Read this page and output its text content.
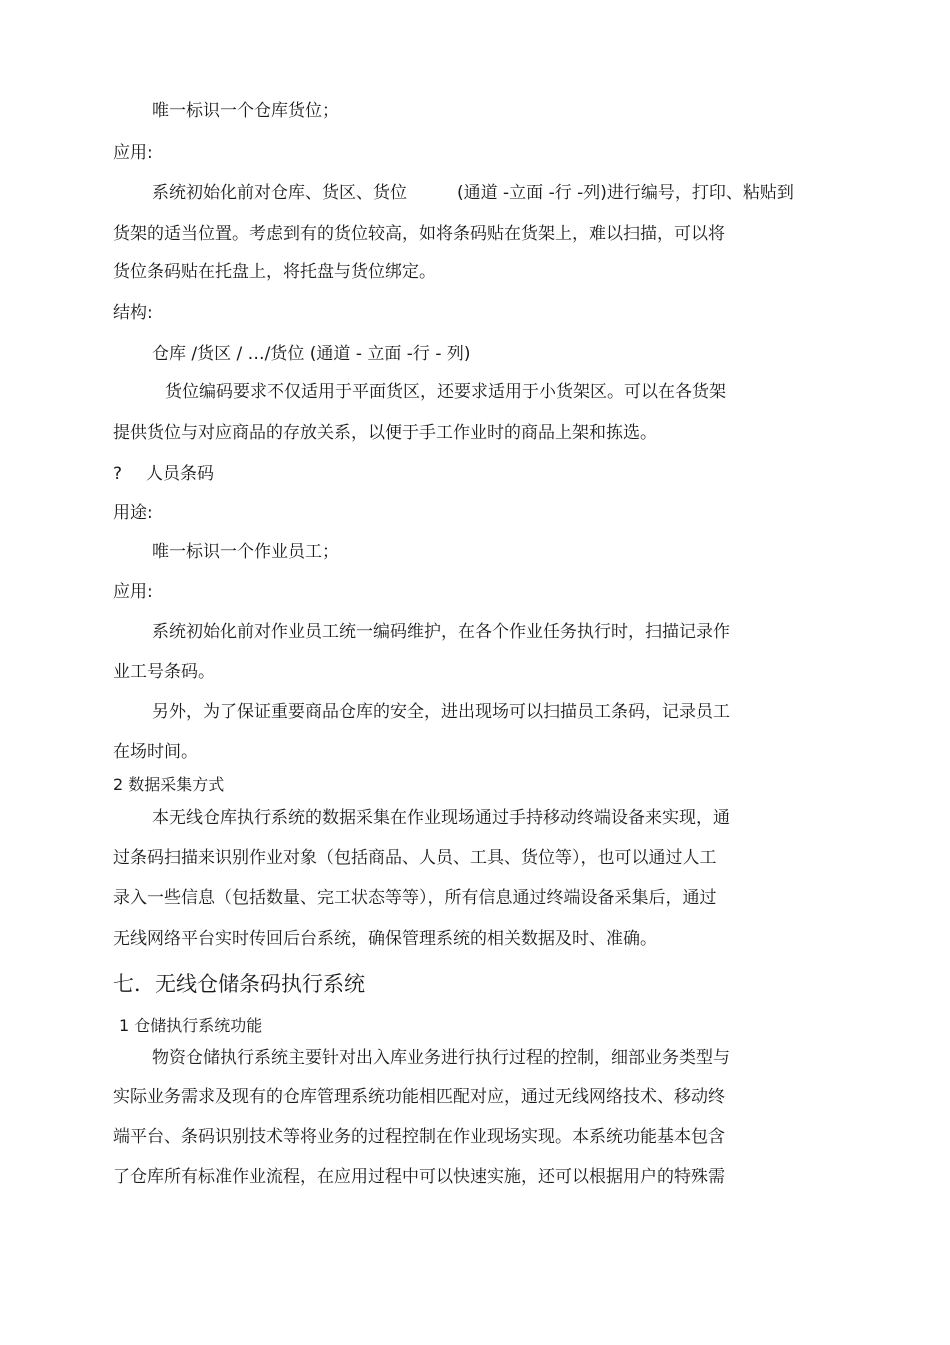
唯一标识一个仓库货位；
应用:
系统初始化前对仓库、货区、货位	(通道 -立面 -行 -列)进行编号，打印、粘贴到
货架的适当位置。考虑到有的货位较高，如将条码贴在货架上，难以扫描，可以将
货位条码贴在托盘上，将托盘与货位绑定。
结构:
仓库 /货区 / …/货位 (通道 - 立面 -行 - 列)
货位编码要求不仅适用于平面货区，还要求适用于小货架区。可以在各货架
提供货位与对应商品的存放关系，以便于手工作业时的商品上架和拣选。
? 人员条码
用途:
唯一标识一个作业员工；
应用:
系统初始化前对作业员工统一编码维护，在各个作业任务执行时，扫描记录作
业工号条码。
另外，为了保证重要商品仓库的安全，进出现场可以扫描员工条码，记录员工
在场时间。
2 数据采集方式
本无线仓库执行系统的数据采集在作业现场通过手持移动终端设备来实现，通
过条码扫描来识别作业对象（包括商品、人员、工具、货位等），也可以通过人工
录入一些信息（包括数量、完工状态等等），所有信息通过终端设备采集后，通过
无线网络平台实时传回后台系统，确保管理系统的相关数据及时、准确。
七．无线仓储条码执行系统
1 仓储执行系统功能
物资仓储执行系统主要针对出入库业务进行执行过程的控制，细部业务类型与
实际业务需求及现有的仓库管理系统功能相匹配对应，通过无线网络技术、移动终
端平台、条码识别技术等将业务的过程控制在作业现场实现。本系统功能基本包含
了仓库所有标准作业流程，在应用过程中可以快速实施，还可以根据用户的特殊需
